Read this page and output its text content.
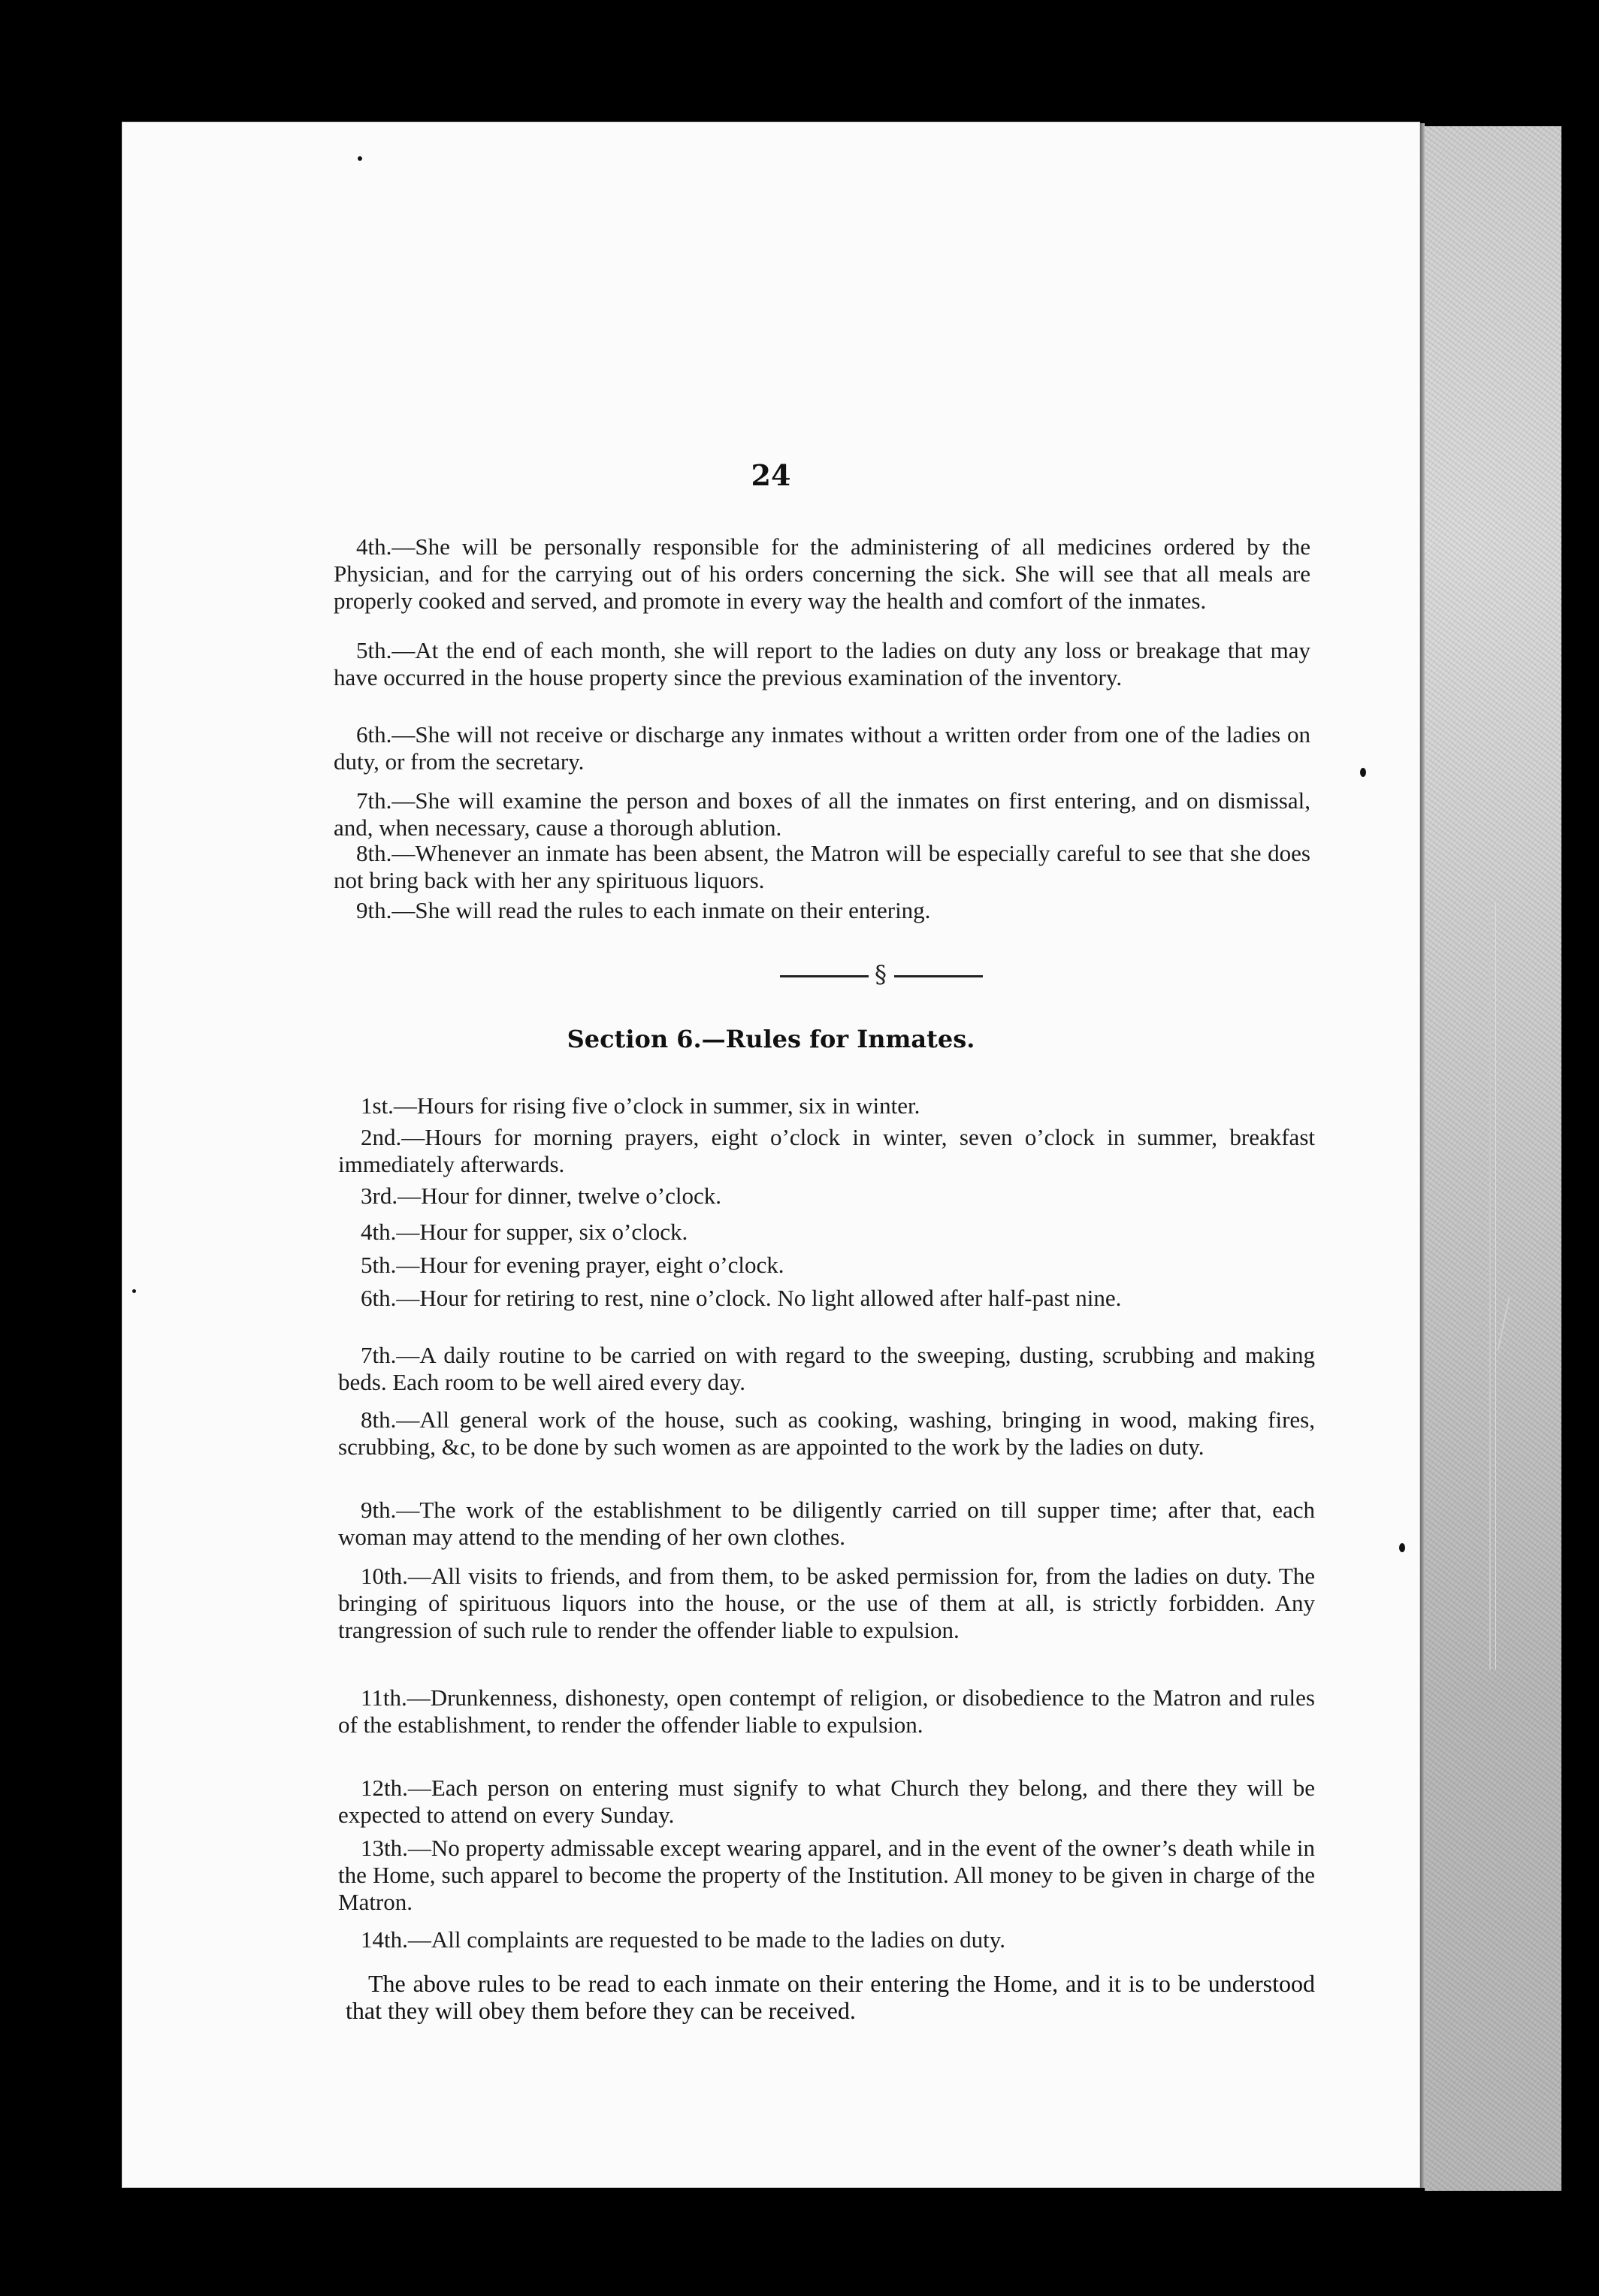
24

4th.—She will be personally responsible for the administering of all medicines ordered by the Physician, and for the carrying out of his orders concerning the sick. She will see that all meals are properly cooked and served, and promote in every way the health and comfort of the inmates.

5th.—At the end of each month, she will report to the ladies on duty any loss or breakage that may have occurred in the house property since the previous examination of the inventory.

6th.—She will not receive or discharge any inmates without a written order from one of the ladies on duty, or from the secretary.

7th.—She will examine the person and boxes of all the inmates on first entering, and on dismissal, and, when necessary, cause a thorough ablution.

8th.—Whenever an inmate has been absent, the Matron will be especially careful to see that she does not bring back with her any spirituous liquors.

9th.—She will read the rules to each inmate on their entering.

§
Section 6.—Rules for Inmates.

1st.—Hours for rising five o’clock in summer, six in winter.

2nd.—Hours for morning prayers, eight o’clock in winter, seven o’clock in summer, breakfast immediately afterwards.

3rd.—Hour for dinner, twelve o’clock.

4th.—Hour for supper, six o’clock.

5th.—Hour for evening prayer, eight o’clock.

6th.—Hour for retiring to rest, nine o’clock. No light allowed after half-past nine.

7th.—A daily routine to be carried on with regard to the sweeping, dusting, scrubbing and making beds. Each room to be well aired every day.

8th.—All general work of the house, such as cooking, washing, bringing in wood, making fires, scrubbing, &c, to be done by such women as are appointed to the work by the ladies on duty.

9th.—The work of the establishment to be diligently carried on till supper time; after that, each woman may attend to the mending of her own clothes.

10th.—All visits to friends, and from them, to be asked permission for, from the ladies on duty. The bringing of spirituous liquors into the house, or the use of them at all, is strictly forbidden. Any trangression of such rule to render the offender liable to expulsion.

11th.—Drunkenness, dishonesty, open contempt of religion, or disobedience to the Matron and rules of the establishment, to render the offender liable to expulsion.

12th.—Each person on entering must signify to what Church they belong, and there they will be expected to attend on every Sunday.

13th.—No property admissable except wearing apparel, and in the event of the owner’s death while in the Home, such apparel to become the property of the Institution. All money to be given in charge of the Matron.

14th.—All complaints are requested to be made to the ladies on duty.

The above rules to be read to each inmate on their entering the Home, and it is to be understood that they will obey them before they can be received.
